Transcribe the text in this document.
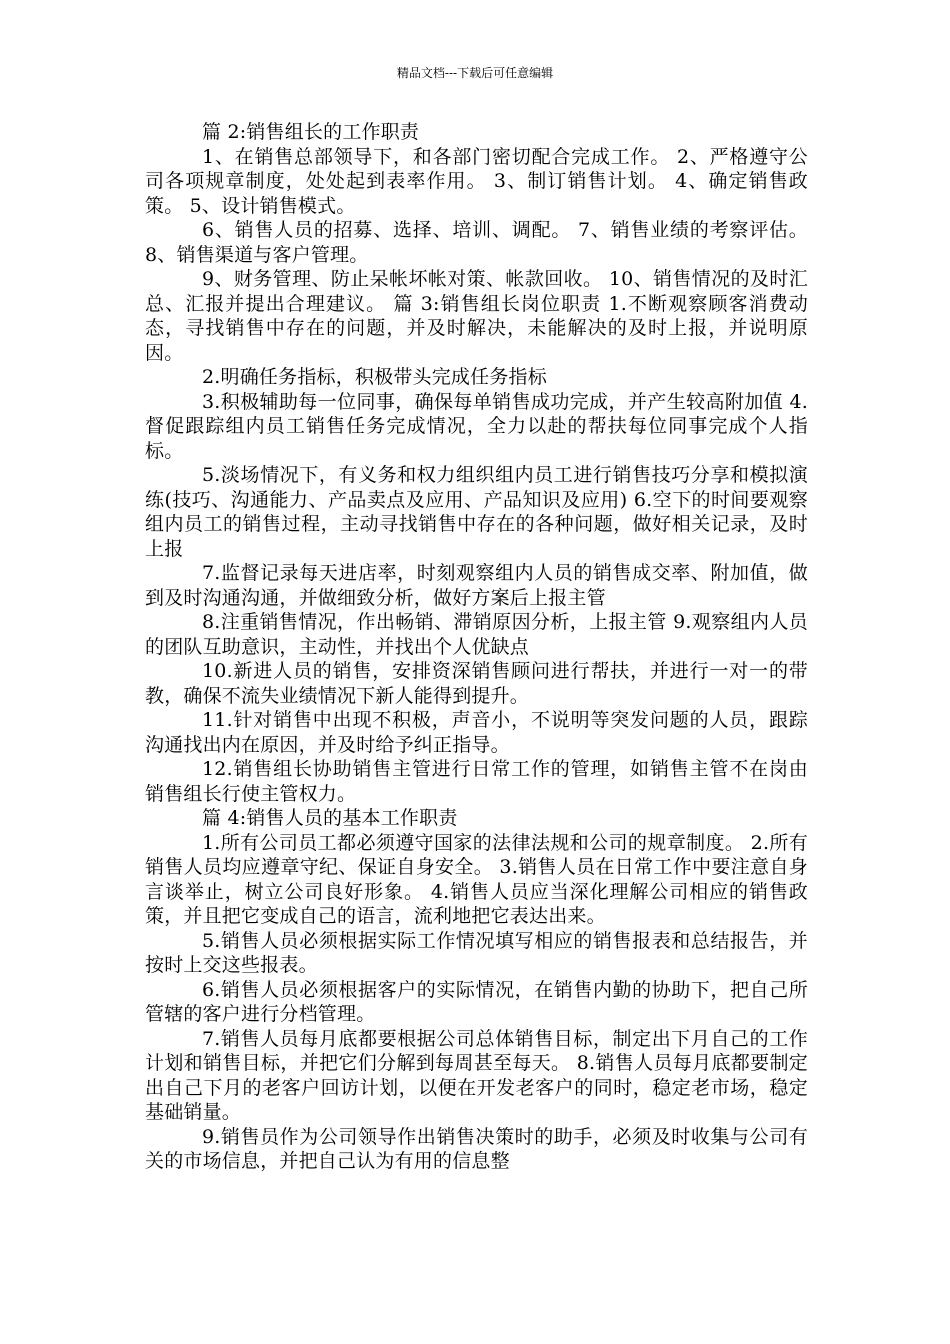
精品文档---下载后可任意编辑

篇 2:销售组长的工作职责

1、在销售总部领导下，和各部门密切配合完成工作。 2、严格遵守公司各项规章制度，处处起到表率作用。 3、制订销售计划。 4、确定销售政策。 5、设计销售模式。

6、销售人员的招募、选择、培训、调配。 7、销售业绩的考察评估。 8、销售渠道与客户管理。

9、财务管理、防止呆帐坏帐对策、帐款回收。 10、销售情况的及时汇总、汇报并提出合理建议。 篇 3:销售组长岗位职责 1.不断观察顾客消费动态，寻找销售中存在的问题，并及时解决，未能解决的及时上报，并说明原因。

2.明确任务指标，积极带头完成任务指标

3.积极辅助每一位同事，确保每单销售成功完成，并产生较高附加值 4.督促跟踪组内员工销售任务完成情况，全力以赴的帮扶每位同事完成个人指标。

5.淡场情况下，有义务和权力组织组内员工进行销售技巧分享和模拟演练(技巧、沟通能力、产品卖点及应用、产品知识及应用) 6.空下的时间要观察组内员工的销售过程，主动寻找销售中存在的各种问题，做好相关记录，及时上报

7.监督记录每天进店率，时刻观察组内人员的销售成交率、附加值，做到及时沟通沟通，并做细致分析，做好方案后上报主管

8.注重销售情况，作出畅销、滞销原因分析，上报主管 9.观察组内人员的团队互助意识，主动性，并找出个人优缺点

10.新进人员的销售，安排资深销售顾问进行帮扶，并进行一对一的带教，确保不流失业绩情况下新人能得到提升。

11.针对销售中出现不积极，声音小，不说明等突发问题的人员，跟踪沟通找出内在原因，并及时给予纠正指导。

12.销售组长协助销售主管进行日常工作的管理，如销售主管不在岗由销售组长行使主管权力。

篇 4:销售人员的基本工作职责

1.所有公司员工都必须遵守国家的法律法规和公司的规章制度。 2.所有销售人员均应遵章守纪、保证自身安全。 3.销售人员在日常工作中要注意自身言谈举止，树立公司良好形象。 4.销售人员应当深化理解公司相应的销售政策，并且把它变成自己的语言，流利地把它表达出来。

5.销售人员必须根据实际工作情况填写相应的销售报表和总结报告，并按时上交这些报表。

6.销售人员必须根据客户的实际情况，在销售内勤的协助下，把自己所管辖的客户进行分档管理。

7.销售人员每月底都要根据公司总体销售目标，制定出下月自己的工作计划和销售目标，并把它们分解到每周甚至每天。 8.销售人员每月底都要制定出自己下月的老客户回访计划，以便在开发老客户的同时，稳定老市场，稳定基础销量。

9.销售员作为公司领导作出销售决策时的助手，必须及时收集与公司有关的市场信息，并把自己认为有用的信息整
